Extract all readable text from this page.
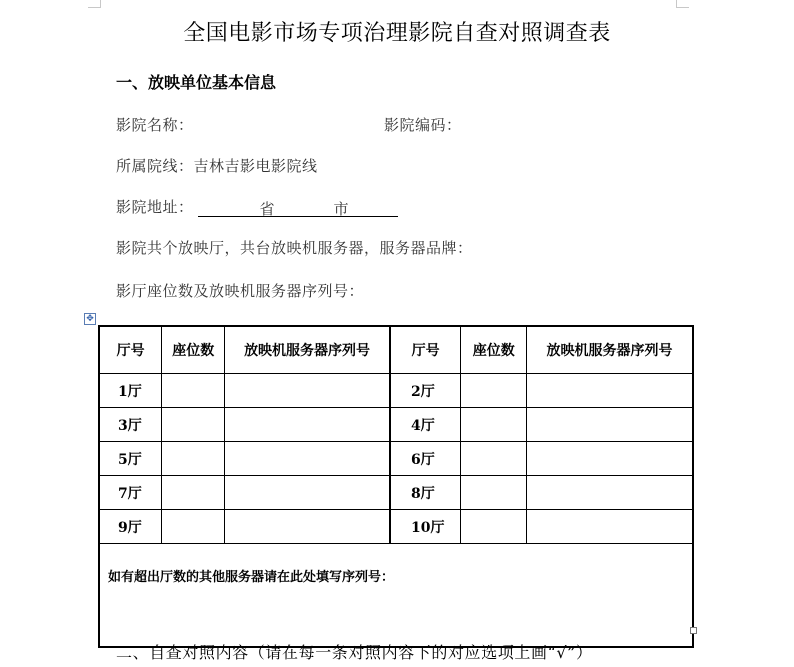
全国电影市场专项治理影院自查对照调查表
一、放映单位基本信息
影院名称：	影院编码：
所属院线：吉林吉影电影院线
影院地址：	省	市
影院共个放映厅，共台放映机服务器，服务器品牌：
影厅座位数及放映机服务器序列号：
✥
厅号	座位数	放映机服务器序列号	厅号	座位数	放映机服务器序列号
1厅			2厅		
3厅			4厅		
5厅			6厅		
7厅			8厅		
9厅			10厅		
如有超出厅数的其他服务器请在此处填写序列号：					
二、自查对照内容（请在每一条对照内容下的对应选项上画“√”）
